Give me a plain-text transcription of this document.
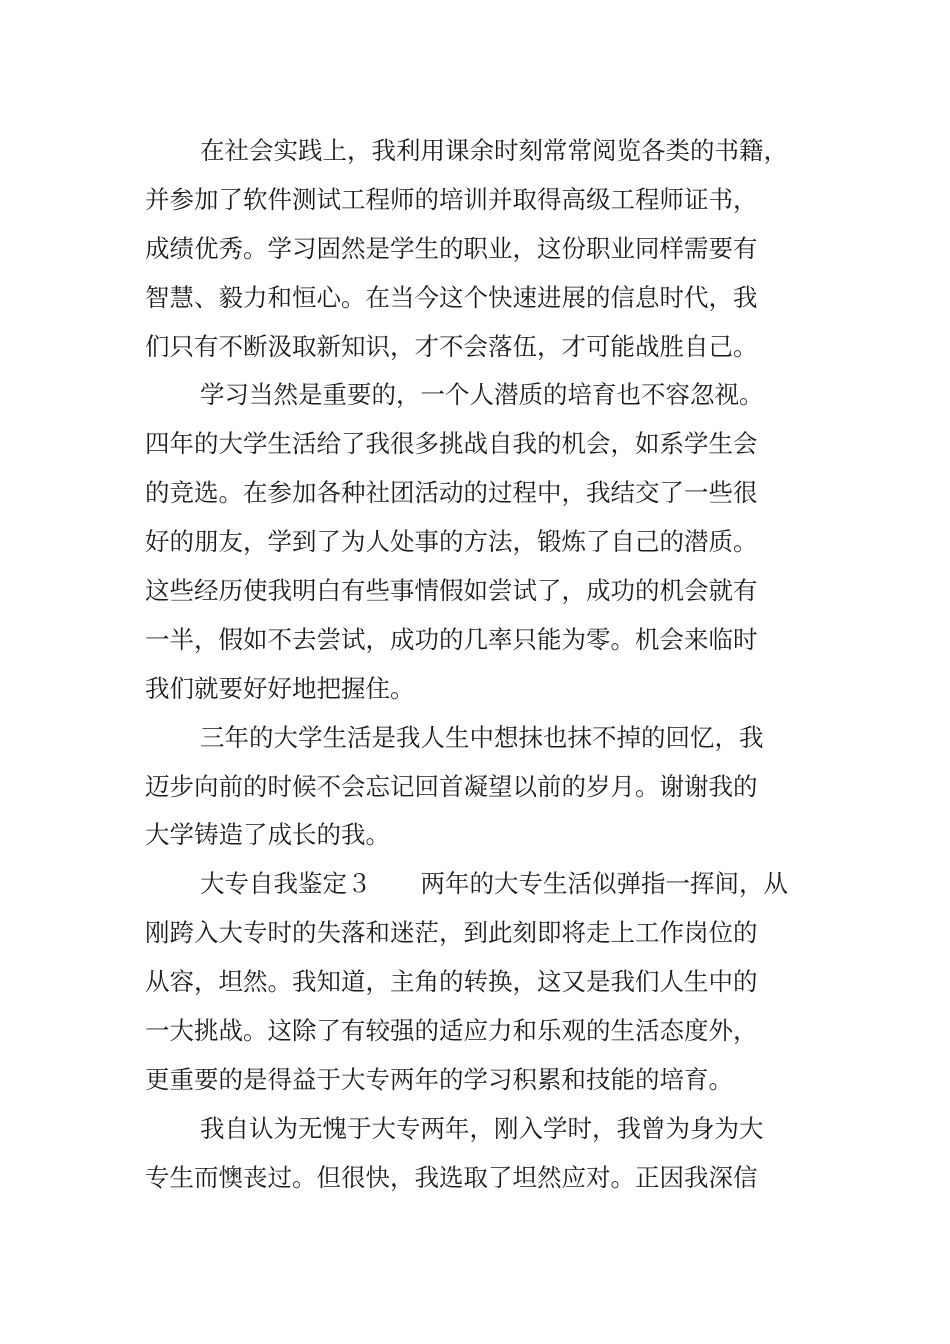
在社会实践上，我利用课余时刻常常阅览各类的书籍，
并参加了软件测试工程师的培训并取得高级工程师证书，
成绩优秀。学习固然是学生的职业，这份职业同样需要有
智慧、毅力和恒心。在当今这个快速进展的信息时代，我
们只有不断汲取新知识，才不会落伍，才可能战胜自己。
学习当然是重要的，一个人潜质的培育也不容忽视。
四年的大学生活给了我很多挑战自我的机会，如系学生会
的竞选。在参加各种社团活动的过程中，我结交了一些很
好的朋友，学到了为人处事的方法，锻炼了自己的潜质。
这些经历使我明白有些事情假如尝试了，成功的机会就有
一半，假如不去尝试，成功的几率只能为零。机会来临时
我们就要好好地把握住。
三年的大学生活是我人生中想抹也抹不掉的回忆，我
迈步向前的时候不会忘记回首凝望以前的岁月。谢谢我的
大学铸造了成长的我。
大专自我鉴定３　　两年的大专生活似弹指一挥间，从
刚跨入大专时的失落和迷茫，到此刻即将走上工作岗位的
从容，坦然。我知道，主角的转换，这又是我们人生中的
一大挑战。这除了有较强的适应力和乐观的生活态度外，
更重要的是得益于大专两年的学习积累和技能的培育。
我自认为无愧于大专两年，刚入学时，我曾为身为大
专生而懊丧过。但很快，我选取了坦然应对。正因我深信
